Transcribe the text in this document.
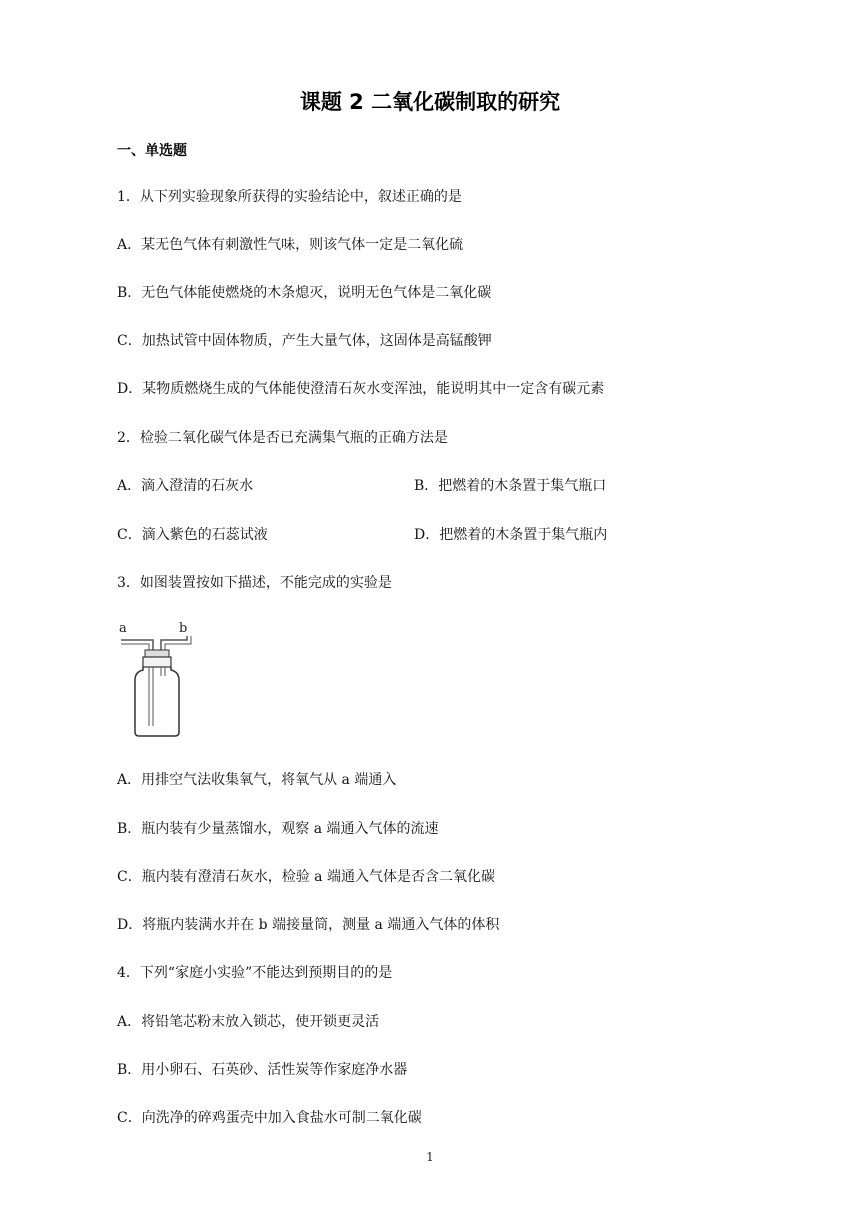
课题 2 二氧化碳制取的研究
一、单选题
1．从下列实验现象所获得的实验结论中，叙述正确的是
A．某无色气体有刺激性气味，则该气体一定是二氧化硫
B．无色气体能使燃烧的木条熄灭，说明无色气体是二氧化碳
C．加热试管中固体物质，产生大量气体，这固体是高锰酸钾
D．某物质燃烧生成的气体能使澄清石灰水变浑浊，能说明其中一定含有碳元素
2．检验二氧化碳气体是否已充满集气瓶的正确方法是
A．滴入澄清的石灰水	B．把燃着的木条置于集气瓶口
C．滴入紫色的石蕊试液	D．把燃着的木条置于集气瓶内
3．如图装置按如下描述，不能完成的实验是
a	b
A．用排空气法收集氧气，将氧气从 a 端通入
B．瓶内装有少量蒸馏水，观察 a 端通入气体的流速
C．瓶内装有澄清石灰水，检验 a 端通入气体是否含二氧化碳
D．将瓶内装满水并在 b 端接量筒，测量 a 端通入气体的体积
4．下列“家庭小实验”不能达到预期目的的是
A．将铅笔芯粉末放入锁芯，使开锁更灵活
B．用小卵石、石英砂、活性炭等作家庭净水器
C．向洗净的碎鸡蛋壳中加入食盐水可制二氧化碳
1
